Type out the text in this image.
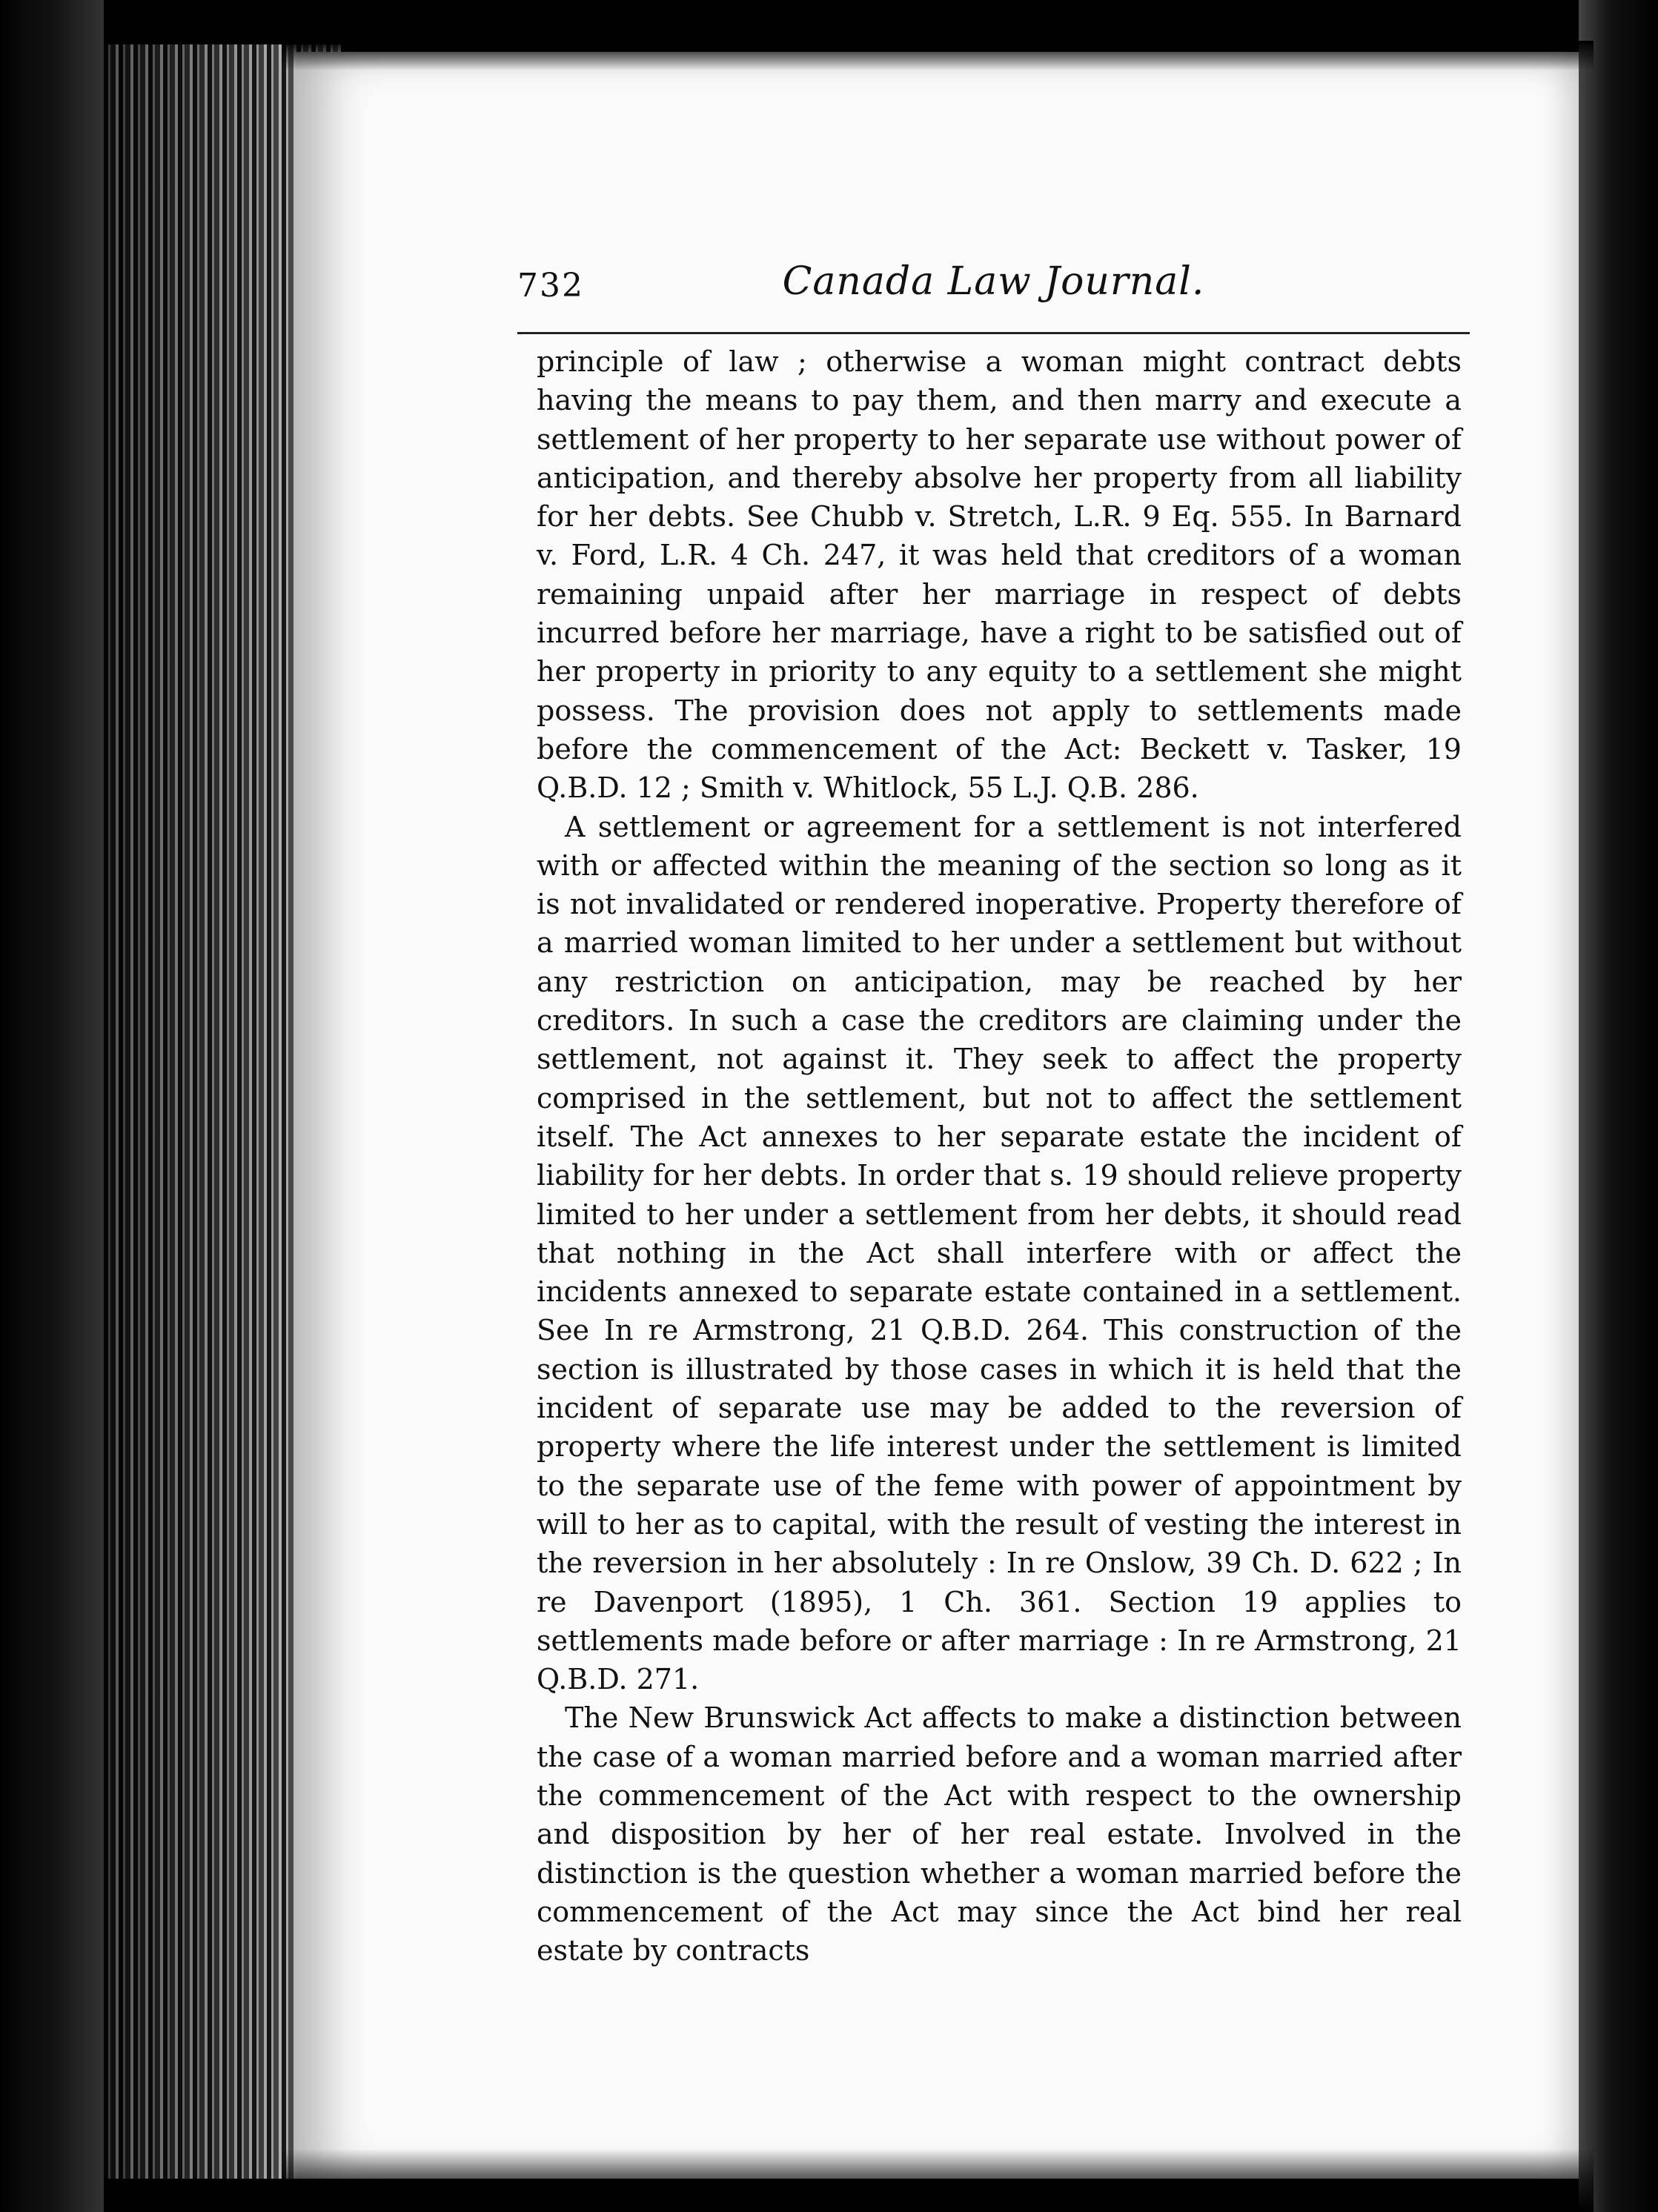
732	Canada Law Journal.

principle of law ; otherwise a woman might contract debts having the means to pay them, and then marry and execute a settlement of her property to her separate use without power of anticipation, and thereby absolve her property from all liability for her debts. See Chubb v. Stretch, L.R. 9 Eq. 555. In Barnard v. Ford, L.R. 4 Ch. 247, it was held that creditors of a woman remaining unpaid after her marriage in respect of debts incurred before her marriage, have a right to be satisfied out of her property in priority to any equity to a settlement she might possess. The provision does not apply to settlements made before the commencement of the Act: Beckett v. Tasker, 19 Q.B.D. 12 ; Smith v. Whitlock, 55 L.J. Q.B. 286.

A settlement or agreement for a settlement is not interfered with or affected within the meaning of the section so long as it is not invalidated or rendered inoperative. Property therefore of a married woman limited to her under a settlement but without any restriction on anticipation, may be reached by her creditors. In such a case the creditors are claiming under the settlement, not against it. They seek to affect the property comprised in the settlement, but not to affect the settlement itself. The Act annexes to her separate estate the incident of liability for her debts. In order that s. 19 should relieve property limited to her under a settlement from her debts, it should read that nothing in the Act shall interfere with or affect the incidents annexed to separate estate contained in a settlement. See In re Armstrong, 21 Q.B.D. 264. This construction of the section is illustrated by those cases in which it is held that the incident of separate use may be added to the reversion of property where the life interest under the settlement is limited to the separate use of the feme with power of appointment by will to her as to capital, with the result of vesting the interest in the reversion in her absolutely : In re Onslow, 39 Ch. D. 622 ; In re Davenport (1895), 1 Ch. 361. Section 19 applies to settlements made before or after marriage : In re Armstrong, 21 Q.B.D. 271.

The New Brunswick Act affects to make a distinction between the case of a woman married before and a woman married after the commencement of the Act with respect to the ownership and disposition by her of her real estate. Involved in the distinction is the question whether a woman married before the commencement of the Act may since the Act bind her real estate by contracts
